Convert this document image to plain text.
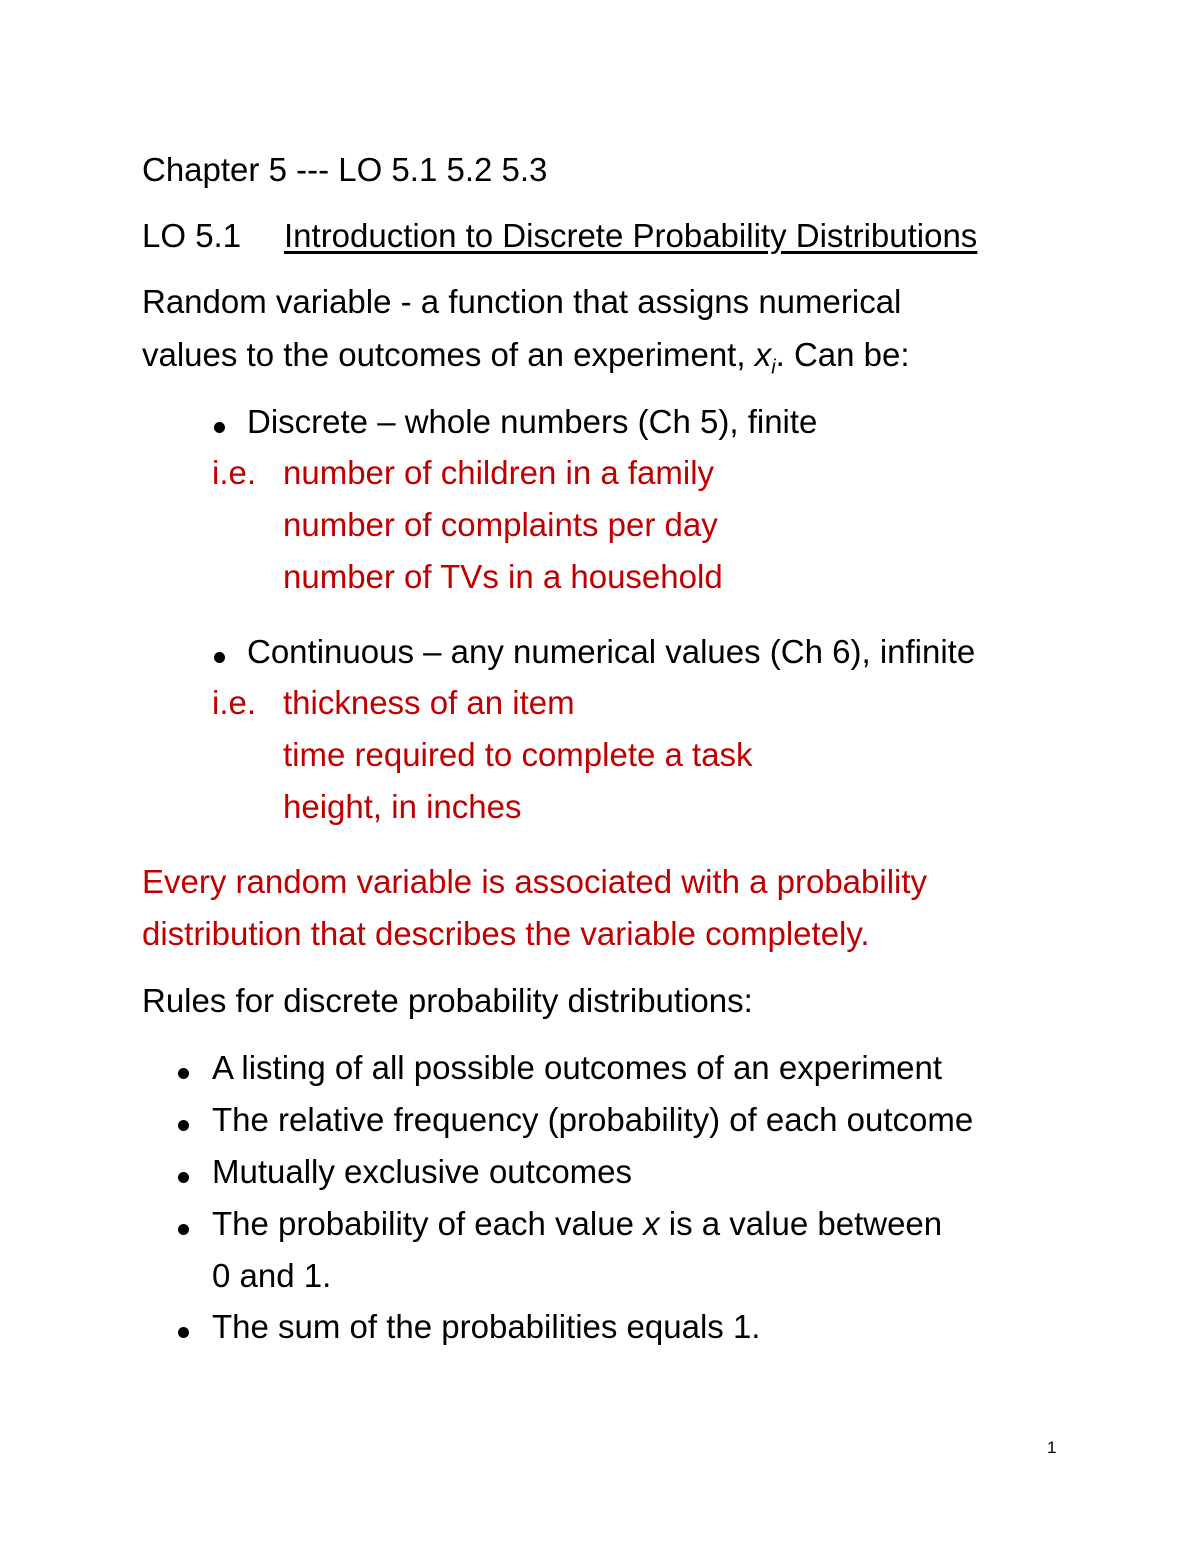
Chapter 5 --- LO 5.1 5.2 5.3
LO 5.1 Introduction to Discrete Probability Distributions
Random variable - a function that assigns numerical
values to the outcomes of an experiment, $x_i$. Can be:
Discrete – whole numbers (Ch 5), finite
i.e. number of children in a family
number of complaints per day
number of TVs in a household
Continuous – any numerical values (Ch 6), infinite
i.e. thickness of an item
time required to complete a task
height, in inches
Every random variable is associated with a probability
distribution that describes the variable completely.
Rules for discrete probability distributions:
A listing of all possible outcomes of an experiment
The relative frequency (probability) of each outcome
Mutually exclusive outcomes
The probability of each value x is a value between
0 and 1.
The sum of the probabilities equals 1.
1
